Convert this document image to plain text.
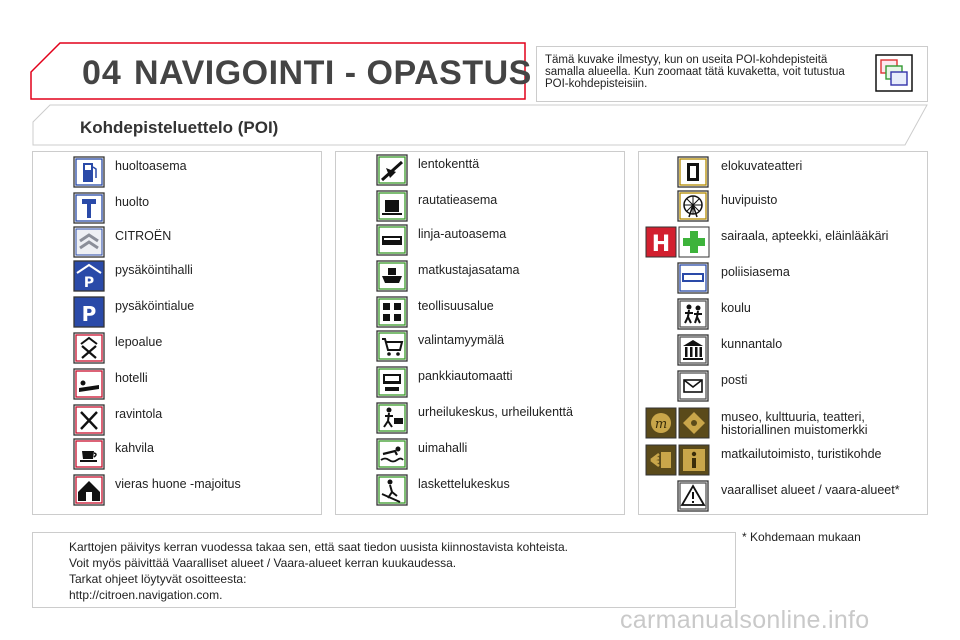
04 NAVIGOINTI - OPASTUS Tämä kuvake ilmestyy, kun on useita POI-kohdepisteitä samalla alueella. Kun zoomaat tätä kuvaketta, voit tutustua POI-kohdepisteisiin.
Kohdepisteluettelo (POI)
huoltoasema
huolto
CITROËN
P
pysäköintihalli
P pysäköintialue
lepoalue
hotelli
ravintola
kahvila
vieras huone -majoitus
lentokenttä
rautatieasema
linja-autoasema
matkustajasatama
teollisuusalue
valintamyymälä
pankkiautomaatti
urheilukeskus, urheilukenttä
uimahalli
laskettelukeskus
elokuvateatteri
huvipuisto
H	sairaala, apteekki, eläinlääkäri
poliisiasema
koulu
kunnantalo
posti
m	museo, kulttuuria, teatteri,
historiallinen muistomerkki
matkailutoimisto, turistikohde
vaaralliset alueet / vaara-alueet*
Karttojen päivitys kerran vuodessa takaa sen, että saat tiedon uusista kiinnostavista kohteista.
Voit myös päivittää Vaaralliset alueet / Vaara-alueet kerran kuukaudessa.
Tarkat ohjeet löytyvät osoitteesta:
http://citroen.navigation.com.
* Kohdemaan mukaan
carmanualsonline.info
